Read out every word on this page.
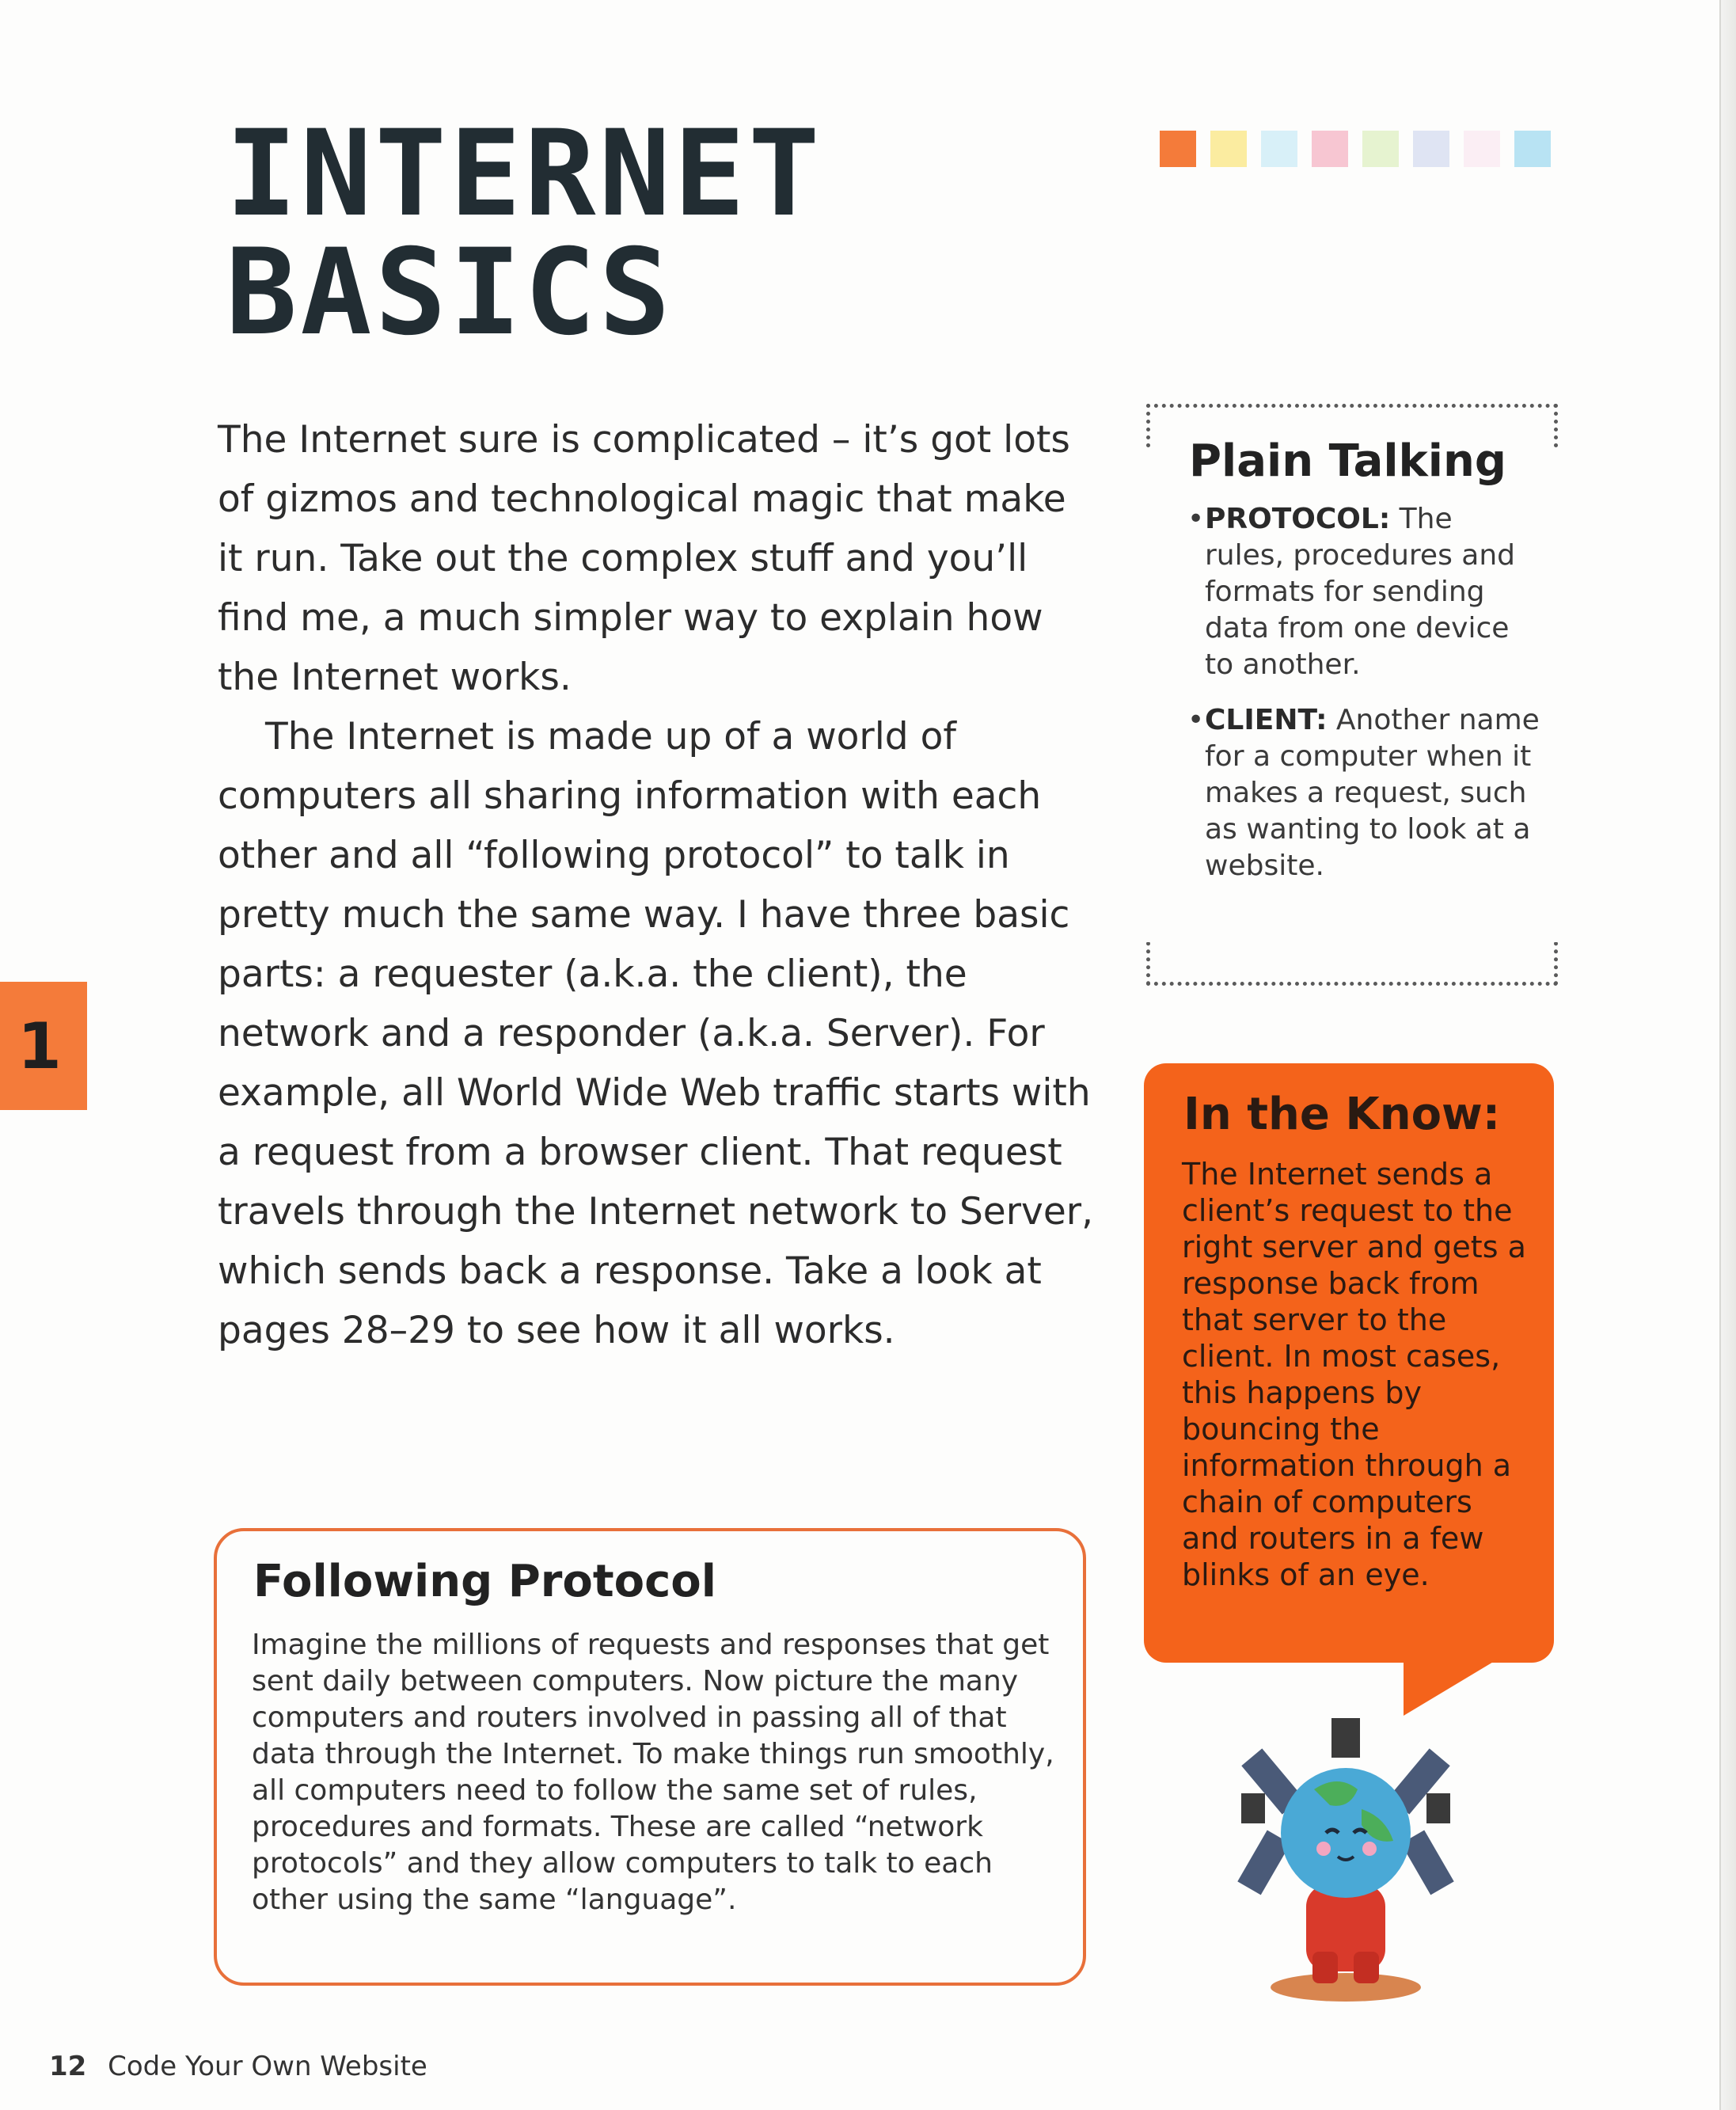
INTERNET
BASICS

The Internet sure is complicated – it’s got lots of gizmos and technological magic that make it run. Take out the complex stuff and you’ll find me, a much simpler way to explain how the Internet works.

The Internet is made up of a world of computers all sharing information with each other and all “following protocol” to talk in pretty much the same way. I have three basic parts: a requester (a.k.a. the client), the network and a responder (a.k.a. Server). For example, all World Wide Web traffic starts with a request from a browser client. That request travels through the Internet network to Server, which sends back a response. Take a look at pages 28–29 to see how it all works.

1
Plain Talking
• PROTOCOL: The rules, procedures and formats for sending data from one device to another.
• CLIENT: Another name for a computer when it makes a request, such as wanting to look at a website.
In the Know:

The Internet sends a client’s request to the right server and gets a response back from that server to the client. In most cases, this happens by bouncing the information through a chain of computers and routers in a few blinks of an eye.

Following Protocol

Imagine the millions of requests and responses that get sent daily between computers. Now picture the many computers and routers involved in passing all of that data through the Internet. To make things run smoothly, all computers need to follow the same set of rules, procedures and formats. These are called “network protocols” and they allow computers to talk to each other using the same “language”.

12 Code Your Own Website
